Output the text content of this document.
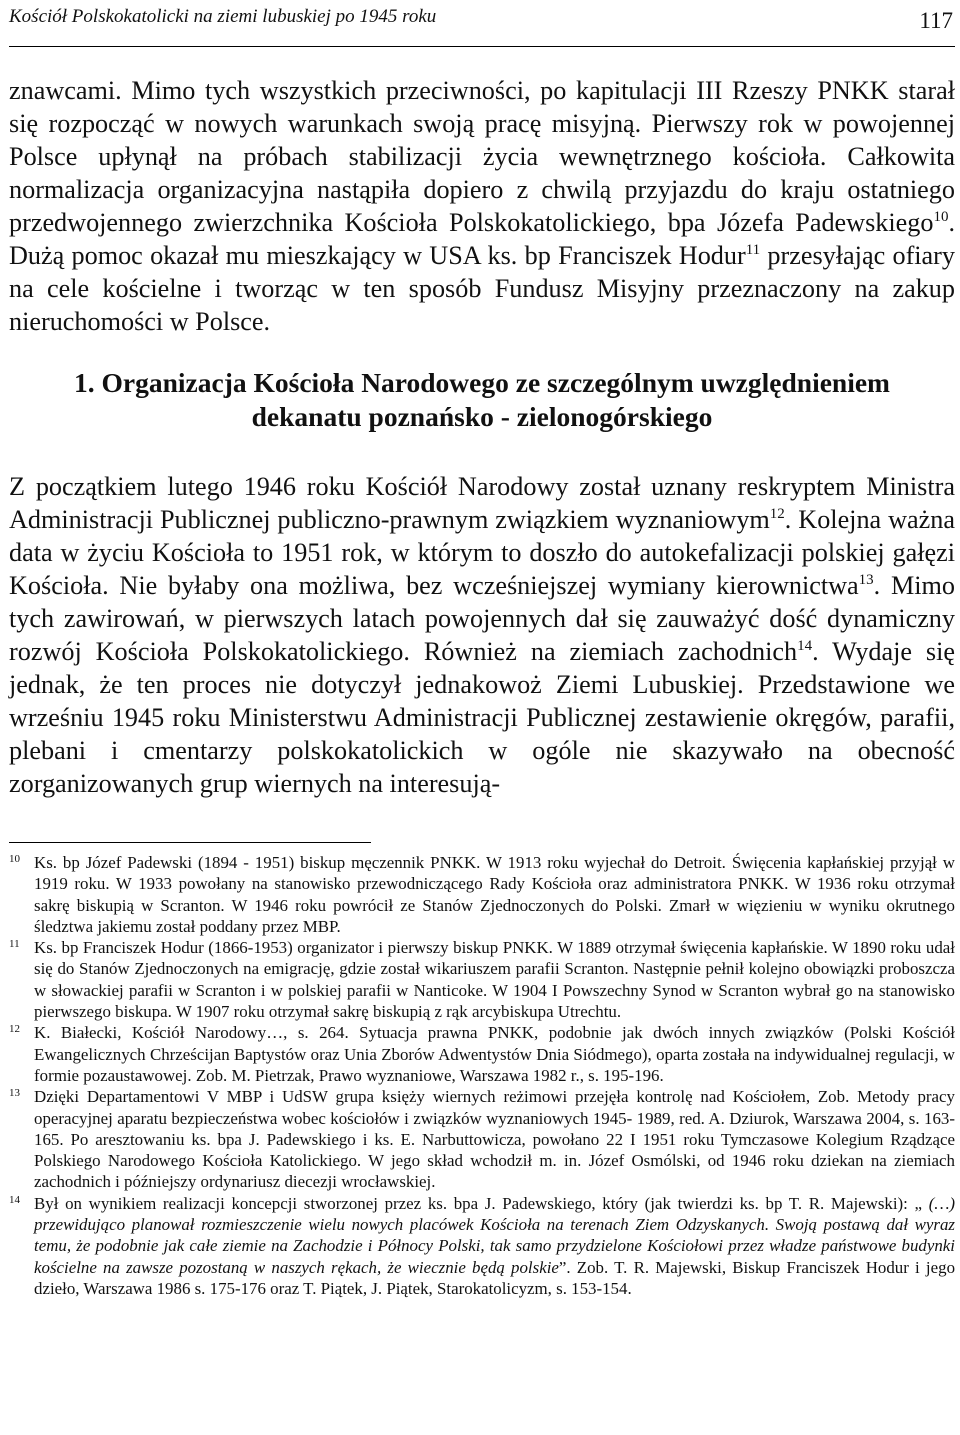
Kościół Polskokatolicki na ziemi lubuskiej po 1945 roku	117

znawcami. Mimo tych wszystkich przeciwności, po kapitulacji III Rzeszy PNKK starał się rozpocząć w nowych warunkach swoją pracę misyjną. Pierwszy rok w powojennej Polsce upłynął na próbach stabilizacji życia wewnętrznego kościoła. Całkowita normalizacja organizacyjna nastąpiła dopiero z chwilą przyjazdu do kraju ostatniego przedwojennego zwierzchnika Kościoła Polskokatolickiego, bpa Józefa Padewskiego$^{10}$. Dużą pomoc okazał mu mieszkający w USA ks. bp Franciszek Hodur$^{11}$ przesyłając ofiary na cele kościelne i tworząc w ten sposób Fundusz Misyjny przeznaczony na zakup nieruchomości w Polsce.

1. Organizacja Kościoła Narodowego ze szczególnym uwzględnieniem
dekanatu poznańsko - zielonogórskiego

Z początkiem lutego 1946 roku Kościół Narodowy został uznany reskryptem Ministra Administracji Publicznej publiczno-prawnym związkiem wyznaniowym$^{12}$. Kolejna ważna data w życiu Kościoła to 1951 rok, w którym to doszło do autokefalizacji polskiej gałęzi Kościoła. Nie byłaby ona możliwa, bez wcześniejszej wymiany kierownictwa$^{13}$. Mimo tych zawirowań, w pierwszych latach powojennych dał się zauważyć dość dynamiczny rozwój Kościoła Polskokatolickiego. Również na ziemiach zachodnich$^{14}$. Wydaje się jednak, że ten proces nie dotyczył jednakowoż Ziemi Lubuskiej. Przedstawione we wrześniu 1945 roku Ministerstwu Administracji Publicznej zestawienie okręgów, parafii, plebani i cmentarzy polskokatolickich w ogóle nie skazywało na obecność zorganizowanych grup wiernych na interesują-

10 Ks. bp Józef Padewski (1894 - 1951) biskup męczennik PNKK. W 1913 roku wyjechał do Detroit. Święcenia kapłańskiej przyjął w 1919 roku. W 1933 powołany na stanowisko przewodniczącego Rady Kościoła oraz administratora PNKK. W 1936 roku otrzymał sakrę biskupią w Scranton. W 1946 roku powrócił ze Stanów Zjednoczonych do Polski. Zmarł w więzieniu w wyniku okrutnego śledztwa jakiemu został poddany przez MBP.

11 Ks. bp Franciszek Hodur (1866-1953) organizator i pierwszy biskup PNKK. W 1889 otrzymał święcenia kapłańskie. W 1890 roku udał się do Stanów Zjednoczonych na emigrację, gdzie został wikariuszem parafii Scranton. Następnie pełnił kolejno obowiązki proboszcza w słowackiej parafii w Scranton i w polskiej parafii w Nanticoke. W 1904 I Powszechny Synod w Scranton wybrał go na stanowisko pierwszego biskupa. W 1907 roku otrzymał sakrę biskupią z rąk arcybiskupa Utrechtu.

12 K. Białecki, Kościół Narodowy…, s. 264. Sytuacja prawna PNKK, podobnie jak dwóch innych związków (Polski Kościół Ewangelicznych Chrześcijan Baptystów oraz Unia Zborów Adwentystów Dnia Siódmego), oparta została na indywidualnej regulacji, w formie pozaustawowej. Zob. M. Pietrzak, Prawo wyznaniowe, Warszawa 1982 r., s. 195-196.

13 Dzięki Departamentowi V MBP i UdSW grupa księży wiernych reżimowi przejęła kontrolę nad Kościołem, Zob. Metody pracy operacyjnej aparatu bezpieczeństwa wobec kościołów i związków wyznaniowych 1945- 1989, red. A. Dziurok, Warszawa 2004, s. 163-165. Po aresztowaniu ks. bpa J. Padewskiego i ks. E. Narbuttowicza, powołano 22 I 1951 roku Tymczasowe Kolegium Rządzące Polskiego Narodowego Kościoła Katolickiego. W jego skład wchodził m. in. Józef Osmólski, od 1946 roku dziekan na ziemiach zachodnich i późniejszy ordynariusz diecezji wrocławskiej.

14 Był on wynikiem realizacji koncepcji stworzonej przez ks. bpa J. Padewskiego, który (jak twierdzi ks. bp T. R. Majewski): „ (…) przewidująco planował rozmieszczenie wielu nowych placówek Kościoła na terenach Ziem Odzyskanych. Swoją postawą dał wyraz temu, że podobnie jak całe ziemie na Zachodzie i Północy Polski, tak samo przydzielone Kościołowi przez władze państwowe budynki kościelne na zawsze pozostaną w naszych rękach, że wiecznie będą polskie”. Zob. T. R. Majewski, Biskup Franciszek Hodur i jego dzieło, Warszawa 1986 s. 175-176 oraz T. Piątek, J. Piątek, Starokatolicyzm, s. 153-154.
